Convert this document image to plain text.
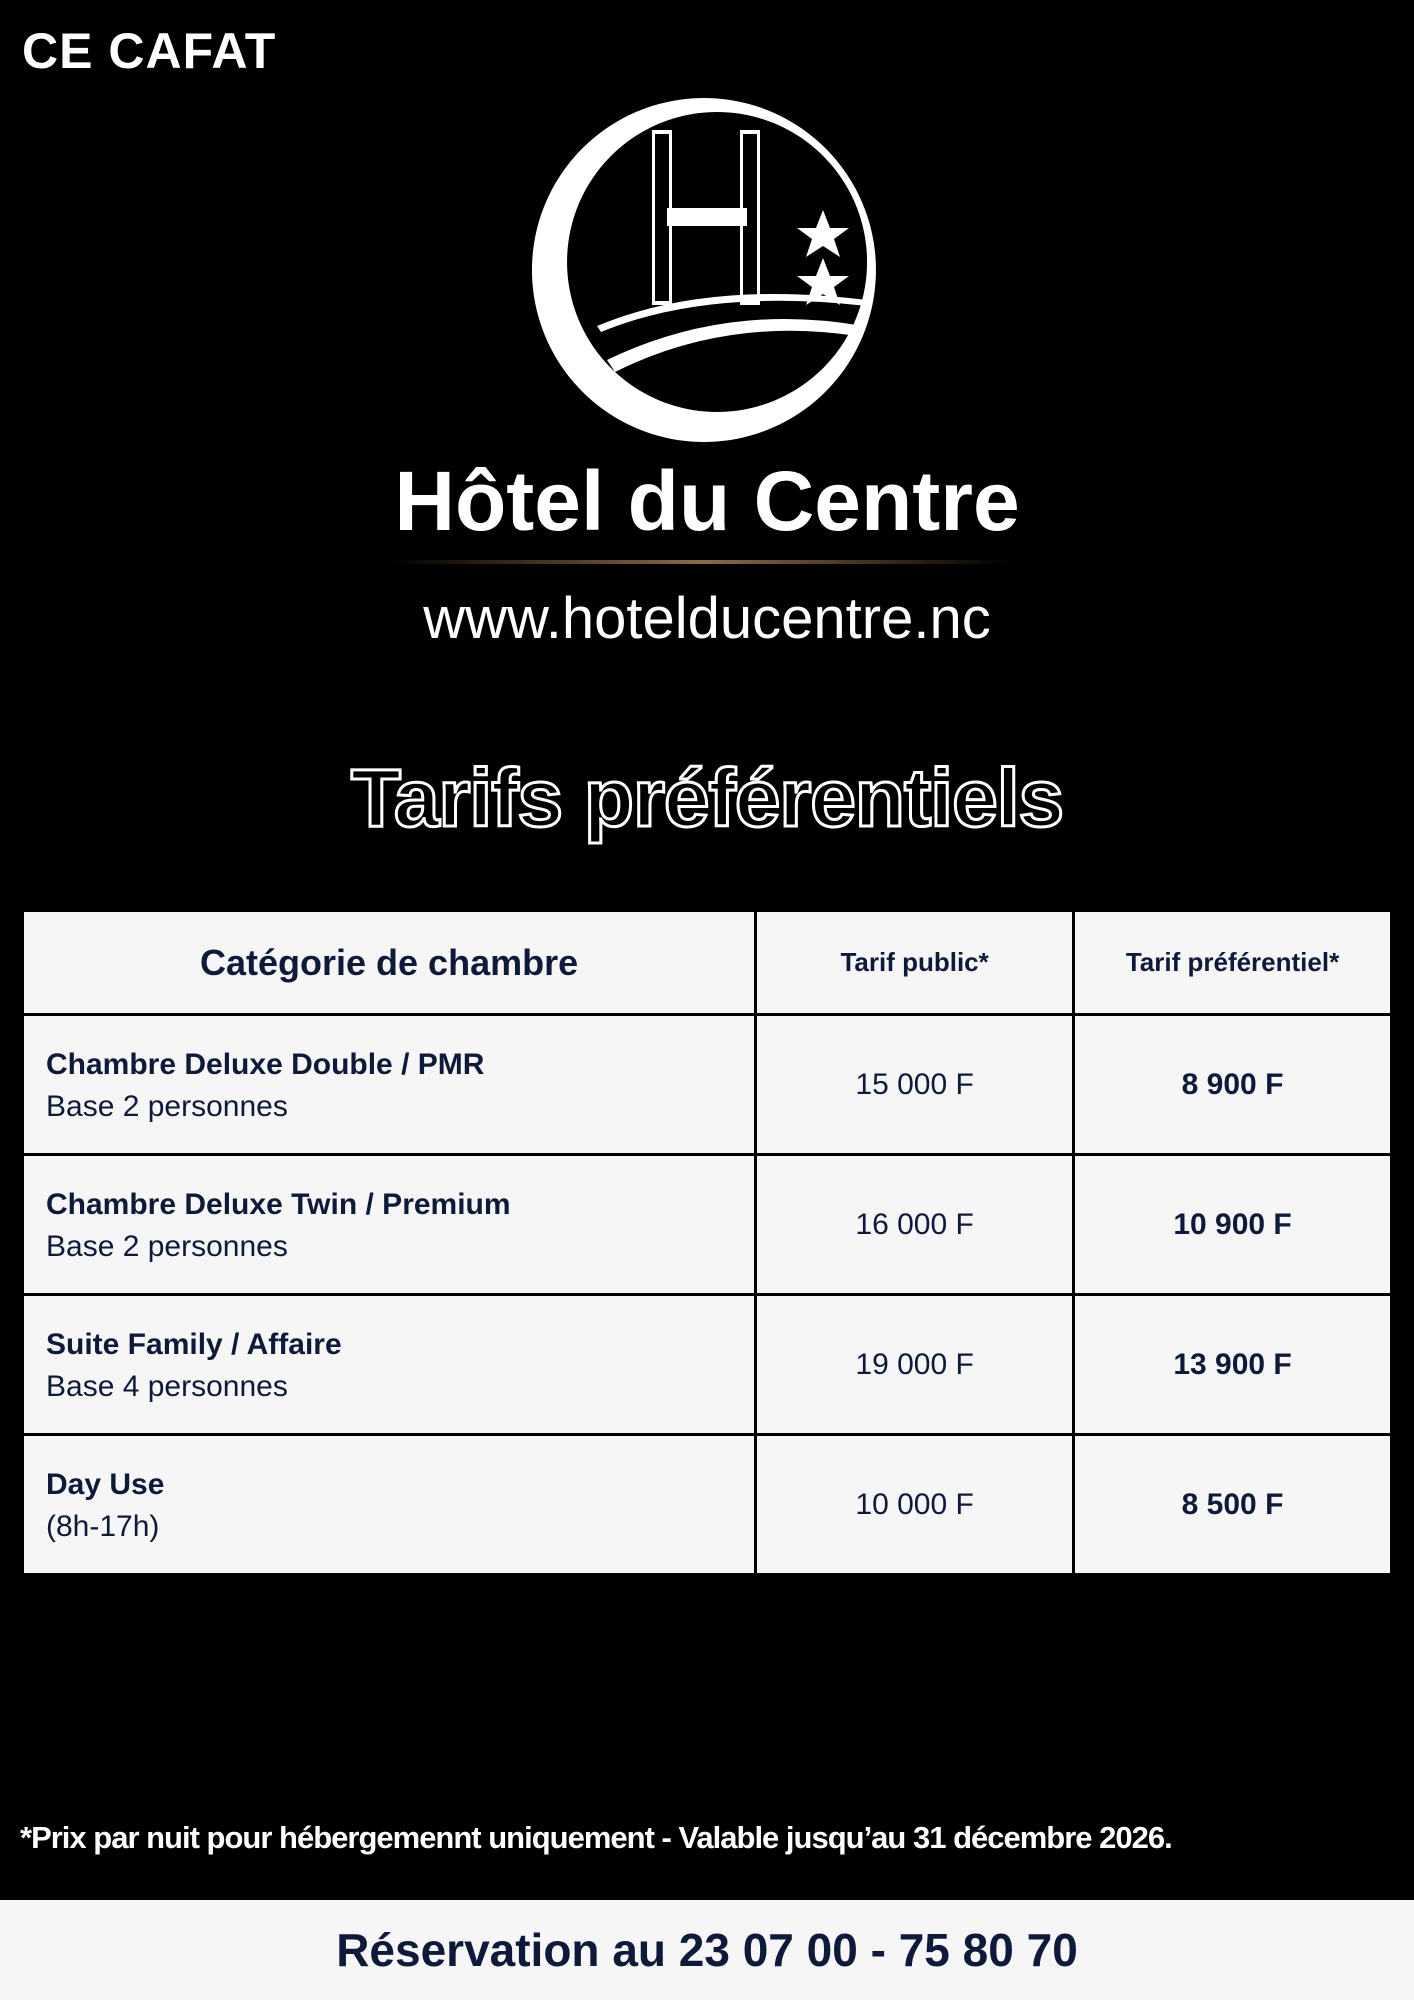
CE CAFAT
Hôtel du Centre
www.hotelducentre.nc
Tarifs préférentiels
Catégorie de chambre	Tarif public*	Tarif préférentiel*

Chambre Deluxe Double / PMR
Base 2 personnes	15 000 F	8 900 F

Chambre Deluxe Twin / Premium
Base 2 personnes	16 000 F	10 900 F

Suite Family / Affaire
Base 4 personnes	19 000 F	13 900 F

Day Use
(8h-17h)	10 000 F	8 500 F
*Prix par nuit pour hébergemennt uniquement - Valable jusqu’au 31 décembre 2026.
Réservation au 23 07 00 - 75 80 70
